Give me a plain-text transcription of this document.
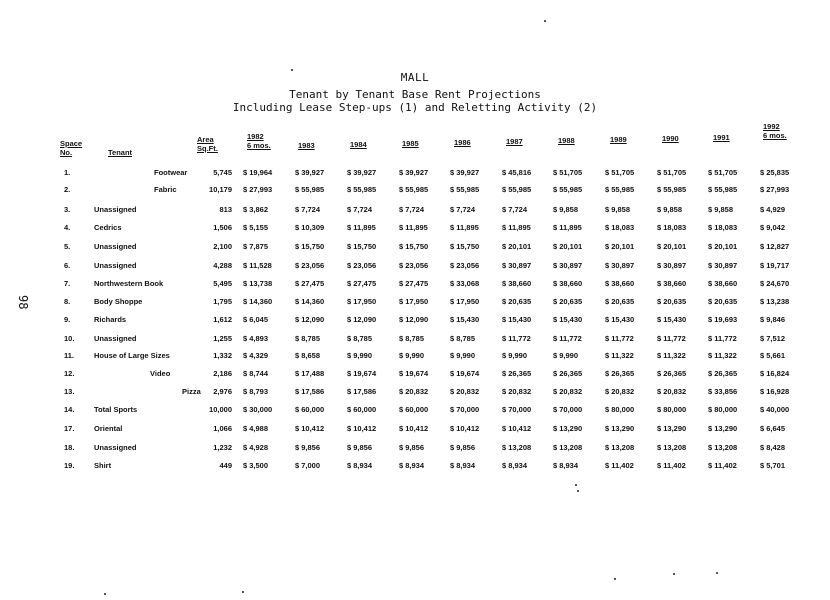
MALL
Tenant by Tenant Base Rent Projections
Including Lease Step-ups (1) and Reletting Activity (2)
98
Space
No.	Tenant
Area
Sq.Ft.
1982
6 mos.	1983	1984	1985	1986	1987	1988	1989	1990	1991
1992
6 mos.
1.	Footwear	5,745 $ 19,964	$ 39,927	$ 39,927	$ 39,927	$ 39,927	$ 45,816	$ 51,705	$ 51,705	$ 51,705	$ 51,705	$ 25,835
2.	Fabric	10,179 $ 27,993	$ 55,985	$ 55,985	$ 55,985	$ 55,985	$ 55,985	$ 55,985	$ 55,985	$ 55,985	$ 55,985	$ 27,993
3.	Unassigned	813 $ 3,862	$ 7,724	$ 7,724	$ 7,724	$ 7,724	$ 7,724	$ 9,858	$ 9,858	$ 9,858	$ 9,858	$ 4,929
4.	Cedrics	1,506 $ 5,155	$ 10,309	$ 11,895	$ 11,895	$ 11,895	$ 11,895	$ 11,895	$ 18,083	$ 18,083	$ 18,083	$ 9,042
5.	Unassigned	2,100 $ 7,875	$ 15,750	$ 15,750	$ 15,750	$ 15,750	$ 20,101	$ 20,101	$ 20,101	$ 20,101	$ 20,101	$ 12,827
6.	Unassigned	4,288 $ 11,528	$ 23,056	$ 23,056	$ 23,056	$ 23,056	$ 30,897	$ 30,897	$ 30,897	$ 30,897	$ 30,897	$ 19,717
7.	Northwestern Book	5,495 $ 13,738	$ 27,475	$ 27,475	$ 27,475	$ 33,068	$ 38,660	$ 38,660	$ 38,660	$ 38,660	$ 38,660	$ 24,670
8.	Body Shoppe	1,795 $ 14,360	$ 14,360	$ 17,950	$ 17,950	$ 17,950	$ 20,635	$ 20,635	$ 20,635	$ 20,635	$ 20,635	$ 13,238
9.	Richards	1,612 $ 6,045	$ 12,090	$ 12,090	$ 12,090	$ 15,430	$ 15,430	$ 15,430	$ 15,430	$ 15,430	$ 19,693	$ 9,846
10.	Unassigned	1,255 $ 4,893	$ 8,785	$ 8,785	$ 8,785	$ 8,785	$ 11,772	$ 11,772	$ 11,772	$ 11,772	$ 11,772	$ 7,512
11.	House of Large Sizes	1,332 $ 4,329	$ 8,658	$ 9,990	$ 9,990	$ 9,990	$ 9,990	$ 9,990	$ 11,322	$ 11,322	$ 11,322	$ 5,661
12.	Video	2,186 $ 8,744	$ 17,488	$ 19,674	$ 19,674	$ 19,674	$ 26,365	$ 26,365	$ 26,365	$ 26,365	$ 26,365	$ 16,824
13.	Pizza	2,976 $ 8,793	$ 17,586	$ 17,586	$ 20,832	$ 20,832	$ 20,832	$ 20,832	$ 20,832	$ 20,832	$ 33,856	$ 16,928
14.	Total Sports	10,000 $ 30,000	$ 60,000	$ 60,000	$ 60,000	$ 70,000	$ 70,000	$ 70,000	$ 80,000	$ 80,000	$ 80,000	$ 40,000
17.	Oriental	1,066 $ 4,988	$ 10,412	$ 10,412	$ 10,412	$ 10,412	$ 10,412	$ 13,290	$ 13,290	$ 13,290	$ 13,290	$ 6,645
18.	Unassigned	1,232 $ 4,928	$ 9,856	$ 9,856	$ 9,856	$ 9,856	$ 13,208	$ 13,208	$ 13,208	$ 13,208	$ 13,208	$ 8,428
19.	Shirt	449 $ 3,500	$ 7,000	$ 8,934	$ 8,934	$ 8,934	$ 8,934	$ 8,934	$ 11,402	$ 11,402	$ 11,402	$ 5,701
